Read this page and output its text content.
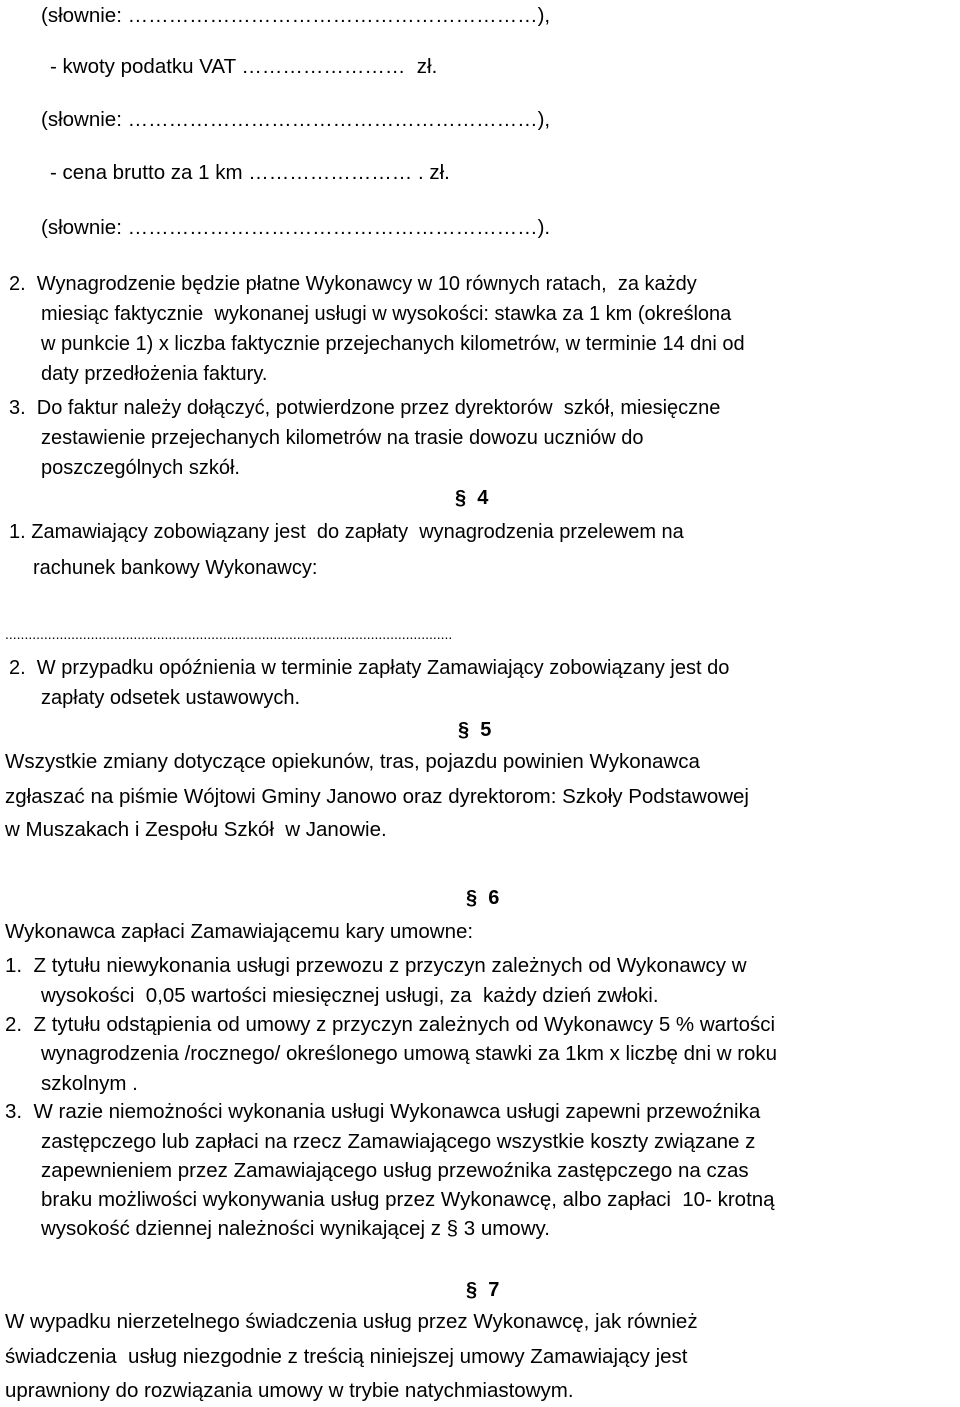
(słownie: ……………………………………………………),
- kwoty podatku VAT ……………………  zł.
(słownie: ……………………………………………………),
- cena brutto za 1 km …………………… . zł.
(słownie: ……………………………………………………).
2.  Wynagrodzenie będzie płatne Wykonawcy w 10 równych ratach,  za każdy
miesiąc faktycznie  wykonanej usługi w wysokości: stawka za 1 km (określona
w punkcie 1) x liczba faktycznie przejechanych kilometrów, w terminie 14 dni od
daty przedłożenia faktury.
3.  Do faktur należy dołączyć, potwierdzone przez dyrektorów  szkół, miesięczne
zestawienie przejechanych kilometrów na trasie dowozu uczniów do
poszczególnych szkół.
§  4
1. Zamawiający zobowiązany jest  do zapłaty  wynagrodzenia przelewem na
rachunek bankowy Wykonawcy:
...................................................................................................................
2.  W przypadku opóźnienia w terminie zapłaty Zamawiający zobowiązany jest do
zapłaty odsetek ustawowych.
§  5
Wszystkie zmiany dotyczące opiekunów, tras, pojazdu powinien Wykonawca
zgłaszać na piśmie Wójtowi Gminy Janowo oraz dyrektorom: Szkoły Podstawowej
w Muszakach i Zespołu Szkół  w Janowie.
§  6
Wykonawca zapłaci Zamawiającemu kary umowne:
1.  Z tytułu niewykonania usługi przewozu z przyczyn zależnych od Wykonawcy w
wysokości  0,05 wartości miesięcznej usługi, za  każdy dzień zwłoki.
2.  Z tytułu odstąpienia od umowy z przyczyn zależnych od Wykonawcy 5 % wartości
wynagrodzenia /rocznego/ określonego umową stawki za 1km x liczbę dni w roku
szkolnym .
3.  W razie niemożności wykonania usługi Wykonawca usługi zapewni przewoźnika
zastępczego lub zapłaci na rzecz Zamawiającego wszystkie koszty związane z
zapewnieniem przez Zamawiającego usług przewoźnika zastępczego na czas
braku możliwości wykonywania usług przez Wykonawcę, albo zapłaci  10- krotną
wysokość dziennej należności wynikającej z § 3 umowy.
§  7
W wypadku nierzetelnego świadczenia usług przez Wykonawcę, jak również
świadczenia  usług niezgodnie z treścią niniejszej umowy Zamawiający jest
uprawniony do rozwiązania umowy w trybie natychmiastowym.
